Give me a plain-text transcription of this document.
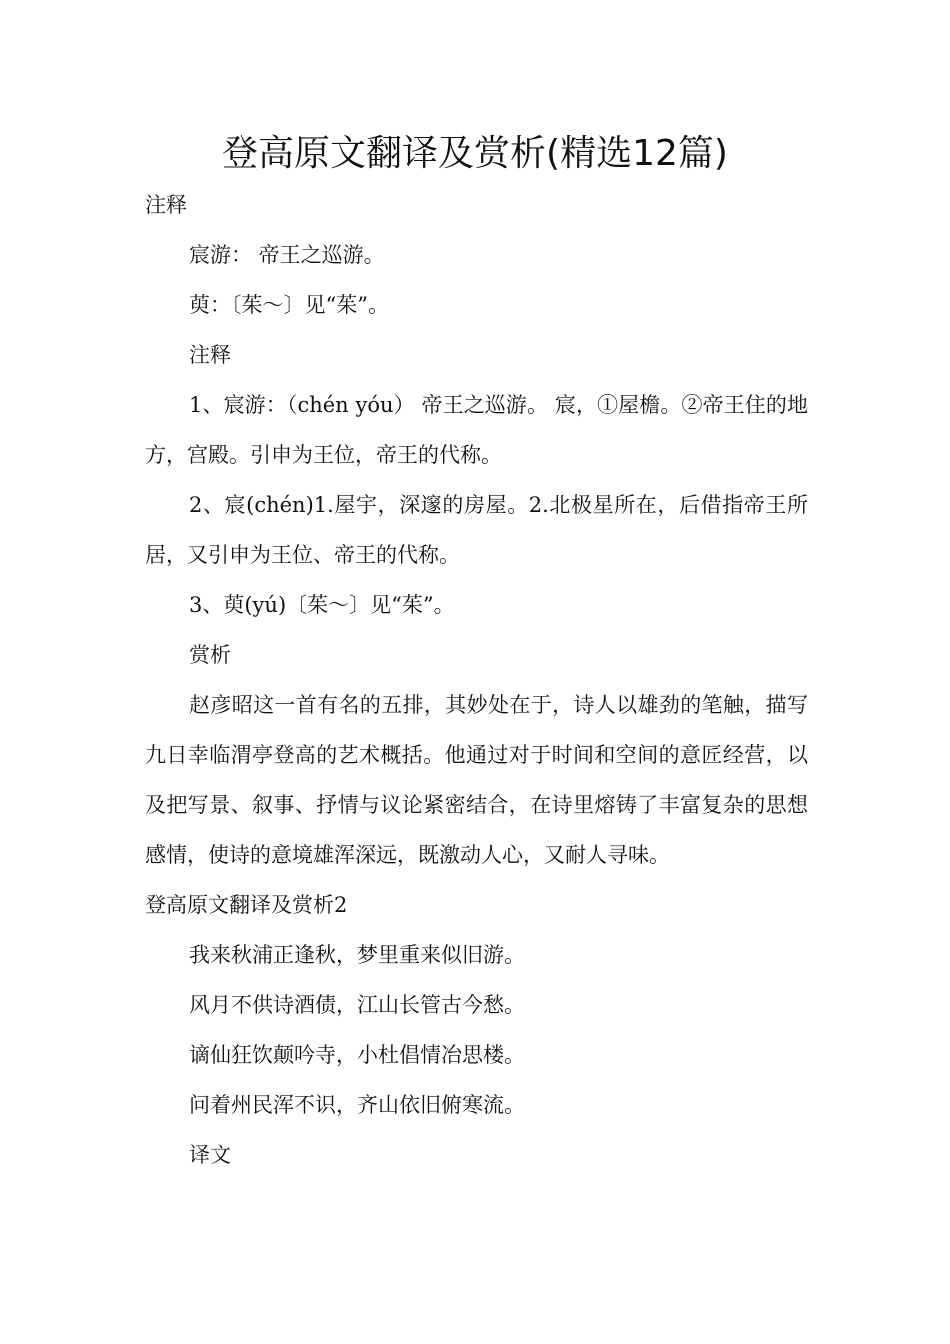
登高原文翻译及赏析(精选12篇)

注释

宸游： 帝王之巡游。

萸：〔茱～〕见“茱”。

注释

1、宸游：（chén yóu） 帝王之巡游。 宸，①屋檐。②帝王住的地方，宫殿。引申为王位，帝王的代称。

2、宸(chén)1.屋宇，深邃的房屋。2.北极星所在，后借指帝王所居，又引申为王位、帝王的代称。

3、萸(yú)〔茱～〕见“茱”。

赏析

赵彦昭这一首有名的五排，其妙处在于，诗人以雄劲的笔触，描写九日幸临渭亭登高的艺术概括。他通过对于时间和空间的意匠经营，以及把写景、叙事、抒情与议论紧密结合，在诗里熔铸了丰富复杂的思想感情，使诗的意境雄浑深远，既激动人心，又耐人寻味。

登高原文翻译及赏析2

我来秋浦正逢秋，梦里重来似旧游。

风月不供诗酒债，江山长管古今愁。

谪仙狂饮颠吟寺，小杜倡情冶思楼。

问着州民浑不识，齐山依旧俯寒流。

译文
